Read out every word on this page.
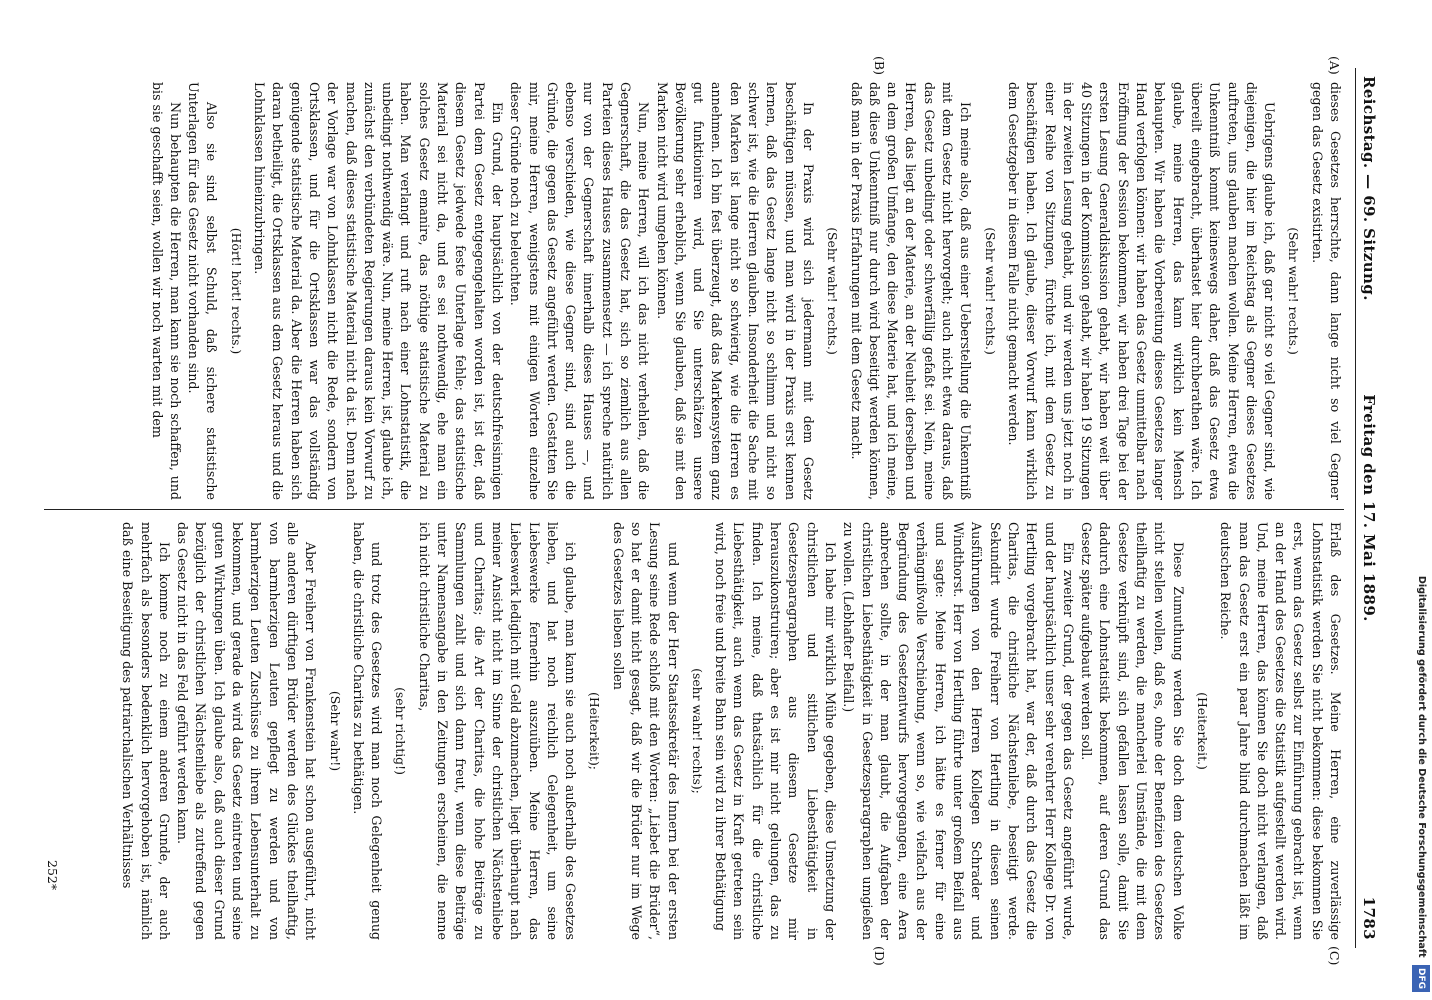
Reichstag. — 69. Sitzung.
Freitag den 17. Mai 1889.
1783
(A)
(B)
(C)
(D)

dieses Gesetzes herrschte, dann lange nicht so viel Gegner gegen das Gesetz existirten.

(Sehr wahr! rechts.)

Uebrigens glaube ich, daß gar nicht so viel Gegner sind, wie diejenigen, die hier im Reichstag als Gegner dieses Gesetzes auftreten, uns glauben machen wollen. Meine Herren, etwa die Unkenntniß kommt keineswegs daher, daß das Gesetz etwa übereilt eingebracht, überhastet hier durchberathen wäre. Ich glaube, meine Herren, das kann wirklich kein Mensch behaupten. Wir haben die Vorbereitung dieses Gesetzes langer Hand verfolgen können: wir haben das Gesetz unmittelbar nach Eröffnung der Session bekommen, wir haben drei Tage bei der ersten Lesung Generaldiskussion gehabt, wir haben weit über 40 Sitzungen in der Kommission gehabt, wir haben 19 Sitzungen in der zweiten Lesung gehabt, und wir werden uns jetzt noch in einer Reihe von Sitzungen, fürchte ich, mit dem Gesetz zu beschäftigen haben. Ich glaube, dieser Vorwurf kann wirklich dem Gesetzgeber in diesem Falle nicht gemacht werden.

(Sehr wahr! rechts.)

Ich meine also, daß aus einer Ueberstellung die Unkenntniß mit dem Gesetz nicht hervorgeht; auch nicht etwa daraus, daß das Gesetz unbedingt oder schwerfällig gefaßt sei. Nein, meine Herren, das liegt an der Materie, an der Neuheit derselben und an dem großen Umfange, den diese Materie hat, und ich meine, daß diese Unkenntniß nur durch wird beseitigt werden können, daß man in der Praxis Erfahrungen mit dem Gesetz macht.

(Sehr wahr! rechts.)

In der Praxis wird sich jedermann mit dem Gesetz beschäftigen müssen, und man wird in der Praxis erst kennen lernen, daß das Gesetz lange nicht so schlimm und nicht so schwer ist, wie die Herren glauben. Insonderheit die Sache mit den Marken ist lange nicht so schwierig, wie die Herren es annehmen. Ich bin fest überzeugt, daß das Markensystem ganz gut funktioniren wird, und Sie unterschätzen unsere Bevölkerung sehr erheblich, wenn Sie glauben, daß sie mit den Marken nicht wird umgehen können.

Nun, meine Herren, will ich das nicht verhehlen, daß die Gegnerschaft, die das Gesetz hat, sich so ziemlich aus allen Parteien dieses Hauses zusammensetzt — ich spreche natürlich nur von der Gegnerschaft innerhalb dieses Hauses —, und ebenso verschieden, wie diese Gegner sind, sind auch die Gründe, die gegen das Gesetz angeführt werden. Gestatten Sie mir, meine Herren, wenigstens mit einigen Worten einzelne dieser Gründe noch zu beleuchten.

Ein Grund, der hauptsächlich von der deutschfreisinnigen Partei dem Gesetz entgegengehalten worden ist, ist der, daß diesem Gesetz jedwede feste Unterlage fehle; das statistische Material sei nicht da, und es sei nothwendig, ehe man ein solches Gesetz emanire, das nöthige statistische Material zu haben. Man verlangt und ruft nach einer Lohnstatistik, die unbedingt nothwendig wäre. Nun, meine Herren, ist, glaube ich, zunächst den verbündeten Regierungen daraus kein Vorwurf zu machen, daß dieses statistische Material nicht da ist. Denn nach der Vorlage war von Lohnklassen nicht die Rede, sondern von Ortsklassen, und für die Ortsklassen war das vollständig genügende statistische Material da. Aber die Herren haben sich daran betheiligt, die Ortsklassen aus dem Gesetz heraus und die Lohnklassen hineinzubringen.

(Hört! hört! rechts.)

Also sie sind selbst Schuld, daß sichere statistische Unterlagen für das Gesetz nicht vorhanden sind.

Nun behaupten die Herren, man kann sie noch schaffen, und bis sie geschafft seien, wollen wir noch warten mit dem

Erlaß des Gesetzes. Meine Herren, eine zuverlässige Lohnstatistik werden Sie nicht bekommen: diese bekommen Sie erst, wenn das Gesetz selbst zur Einführung gebracht ist, wenn an der Hand des Gesetzes die Statistik aufgestellt werden wird. Und, meine Herren, das können Sie doch nicht verlangen, daß man das Gesetz erst ein paar Jahre blind durchmachen läßt im deutschen Reiche.

(Heiterkeit.)

Diese Zumuthung werden Sie doch dem deutschen Volke nicht stellen wollen, daß es, ohne der Benefizien des Gesetzes theilhaftig zu werden, die mancherlei Umstände, die mit dem Gesetze verknüpft sind, sich gefallen lassen solle, damit Sie dadurch eine Lohnstatistik bekommen, auf deren Grund das Gesetz später aufgebaut werden soll.

Ein zweiter Grund, der gegen das Gesetz angeführt wurde, und der hauptsächlich unser sehr verehrter Herr Kollege Dr. von Hertling vorgebracht hat, war der, daß durch das Gesetz die Charitas, die christliche Nächstenliebe, beseitigt werde. Sekundirt wurde Freiherr von Hertling in diesen seinen Ausführungen von den Herren Kollegen Schrader und Windthorst. Herr von Hertling führte unter großem Beifall aus und sagte: Meine Herren, ich hätte es ferner für eine verhängnißvolle Verschiebung, wenn so, wie vielfach aus der Begründung des Gesetzentwurfs hervorgegangen, eine Aera anbrechen sollte, in der man glaubt, die Aufgaben der christlichen Liebesthätigkeit in Gesetzesparagraphen umgießen zu wollen. (Lebhafter Beifall.)

Ich habe mir wirklich Mühe gegeben, diese Umsetzung der christlichen und sittlichen Liebesthätigkeit in Gesetzesparagraphen aus diesem Gesetze mir herauszukonstruiren; aber es ist mir nicht gelungen, das zu finden. Ich meine, daß thatsächlich für die christliche Liebesthätigkeit, auch wenn das Gesetz in Kraft getreten sein wird, noch freie und breite Bahn sein wird zu ihrer Bethätigung

(sehr wahr! rechts);

und wenn der Herr Staatssekretär des Innern bei der ersten Lesung seine Rede schloß mit den Worten: „Liebet die Brüder“, so hat er damit nicht gesagt, daß wir die Brüder nur im Wege des Gesetzes lieben sollen

(Heiterkeit);

ich glaube, man kann sie auch noch außerhalb des Gesetzes lieben, und hat noch reichlich Gelegenheit, um seine Liebeswerke fernerhin auszuüben. Meine Herren, das Liebeswerk lediglich mit Geld abzumachen, liegt überhaupt nach meiner Ansicht nicht im Sinne der christlichen Nächstenliebe und Charitas; die Art der Charitas, die hohe Beiträge zu Sammlungen zahlt und sich dann freut, wenn diese Beiträge unter Namensangabe in den Zeitungen erscheinen, die nenne ich nicht christliche Charitas,

(sehr richtig!)

und trotz des Gesetzes wird man noch Gelegenheit genug haben, die christliche Charitas zu bethätigen.

(Sehr wahr!)

Aber Freiherr von Frankenstein hat schon ausgeführt, nicht alle anderen dürftigen Brüder werden des Glückes theilhaftig, von barmherzigen Leuten gepflegt zu werden und von barmherzigen Leuten Zuschüsse zu ihrem Lebensunterhalt zu bekommen, und gerade da wird das Gesetz eintreten und seine guten Wirkungen üben. Ich glaube also, daß auch dieser Grund bezüglich der christlichen Nächstenliebe als zutreffend gegen das Gesetz nicht in das Feld geführt werden kann.

Ich komme noch zu einem anderen Grunde, der auch mehrfach als besonders bedenklich hervorgehoben ist, nämlich daß eine Beseitigung des patriarchalischen Verhältnisses

252*	Digitalisierung gefördert durch die Deutsche Forschungsgemeinschaft DFG
